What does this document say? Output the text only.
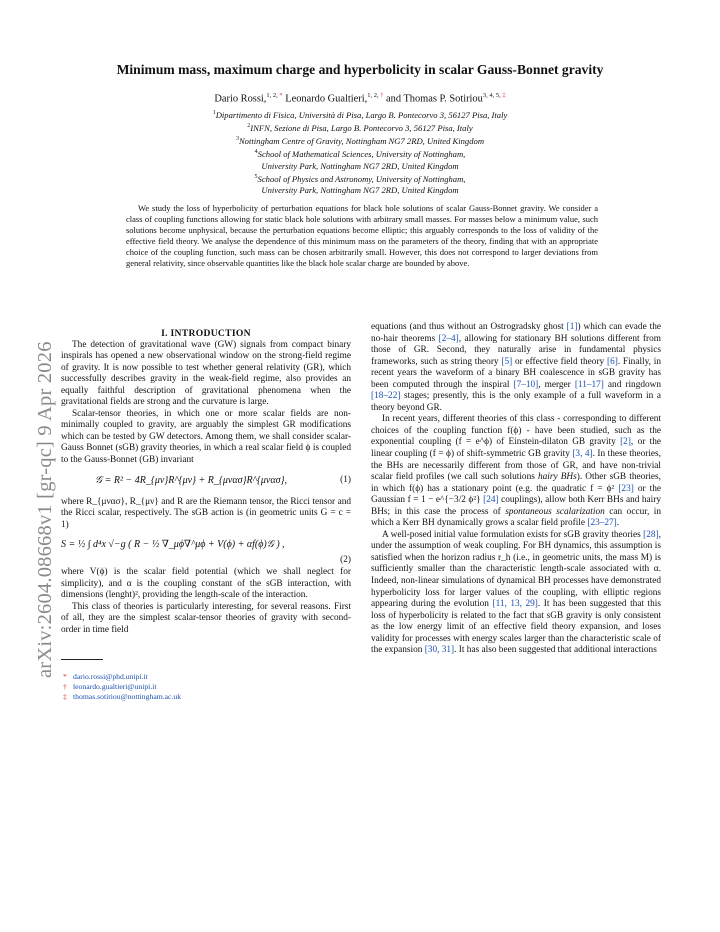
arXiv:2604.08668v1 [gr-qc] 9 Apr 2026
Minimum mass, maximum charge and hyperbolicity in scalar Gauss-Bonnet gravity
Dario Rossi,$^{1, 2, *}$ Leonardo Gualtieri,$^{1, 2, \dagger}$ and Thomas P. Sotiriou$^{3, 4, 5, \ddagger}$
$^1$Dipartimento di Fisica, Università di Pisa, Largo B. Pontecorvo 3, 56127 Pisa, Italy
$^2$INFN, Sezione di Pisa, Largo B. Pontecorvo 3, 56127 Pisa, Italy
$^3$Nottingham Centre of Gravity, Nottingham NG7 2RD, United Kingdom
$^4$School of Mathematical Sciences, University of Nottingham,
University Park, Nottingham NG7 2RD, United Kingdom
$^5$School of Physics and Astronomy, University of Nottingham,
University Park, Nottingham NG7 2RD, United Kingdom
We study the loss of hyperbolicity of perturbation equations for black hole solutions of scalar Gauss-Bonnet gravity. We consider a class of coupling functions allowing for static black hole solutions with arbitrary small masses. For masses below a minimum value, such solutions become unphysical, because the perturbation equations become elliptic; this arguably corresponds to the loss of validity of the effective field theory. We analyse the dependence of this minimum mass on the parameters of the theory, finding that with an appropriate choice of the coupling function, such mass can be chosen arbitrarily small. However, this does not correspond to larger deviations from general relativity, since observable quantities like the black hole scalar charge are bounded by above.

I. INTRODUCTION

The detection of gravitational wave (GW) signals from compact binary inspirals has opened a new observational window on the strong-field regime of gravity. It is now possible to test whether general relativity (GR), which successfully describes gravity in the weak-field regime, also provides an equally faithful description of gravitational phenomena when the gravitational fields are strong and the curvature is large.

Scalar-tensor theories, in which one or more scalar fields are non-minimally coupled to gravity, are arguably the simplest GR modifications which can be tested by GW detectors. Among them, we shall consider scalar-Gauss Bonnet (sGB) gravity theories, in which a real scalar field ϕ is coupled to the Gauss-Bonnet (GB) invariant

𝒢 = R² − 4R_{μν}R^{μν} + R_{μνασ}R^{μνασ},	(1)

where R_{μνασ}, R_{μν} and R are the Riemann tensor, the Ricci tensor and the Ricci scalar, respectively. The sGB action is (in geometric units G = c = 1)

S = ½ ∫ d⁴x √−g ( R − ½ ∇_μϕ∇^μϕ + V(ϕ) + αf(ϕ)𝒢 ) ,
(2)

where V(ϕ) is the scalar field potential (which we shall neglect for simplicity), and α is the coupling constant of the sGB interaction, with dimensions (lenght)², providing the length-scale of the interaction.

This class of theories is particularly interesting, for several reasons. First of all, they are the simplest scalar-tensor theories of gravity with second-order in time field

* dario.rossi@phd.unipi.it
† leonardo.gualtieri@unipi.it
‡ thomas.sotiriou@nottingham.ac.uk

equations (and thus without an Ostrogradsky ghost [1]) which can evade the no-hair theorems [2–4], allowing for stationary BH solutions different from those of GR. Second, they naturally arise in fundamental physics frameworks, such as string theory [5] or effective field theory [6]. Finally, in recent years the waveform of a binary BH coalescence in sGB gravity has been computed through the inspiral [7–10], merger [11–17] and ringdown [18–22] stages; presently, this is the only example of a full waveform in a theory beyond GR.

In recent years, different theories of this class - corresponding to different choices of the coupling function f(ϕ) - have been studied, such as the exponential coupling (f = e^ϕ) of Einstein-dilaton GB gravity [2], or the linear coupling (f = ϕ) of shift-symmetric GB gravity [3, 4]. In these theories, the BHs are necessarily different from those of GR, and have non-trivial scalar field profiles (we call such solutions hairy BHs). Other sGB theories, in which f(ϕ) has a stationary point (e.g. the quadratic f = ϕ² [23] or the Gaussian f = 1 − e^{−3/2 ϕ²} [24] couplings), allow both Kerr BHs and hairy BHs; in this case the process of spontaneous scalarization can occur, in which a Kerr BH dynamically grows a scalar field profile [23–27].

A well-posed initial value formulation exists for sGB gravity theories [28], under the assumption of weak coupling. For BH dynamics, this assumption is satisfied when the horizon radius r_h (i.e., in geometric units, the mass M) is sufficiently smaller than the characteristic length-scale associated with α. Indeed, non-linear simulations of dynamical BH processes have demonstrated hyperbolicity loss for larger values of the coupling, with elliptic regions appearing during the evolution [11, 13, 29]. It has been suggested that this loss of hyperbolicity is related to the fact that sGB gravity is only consistent as the low energy limit of an effective field theory expansion, and loses validity for processes with energy scales larger than the characteristic scale of the expansion [30, 31]. It has also been suggested that additional interactions
